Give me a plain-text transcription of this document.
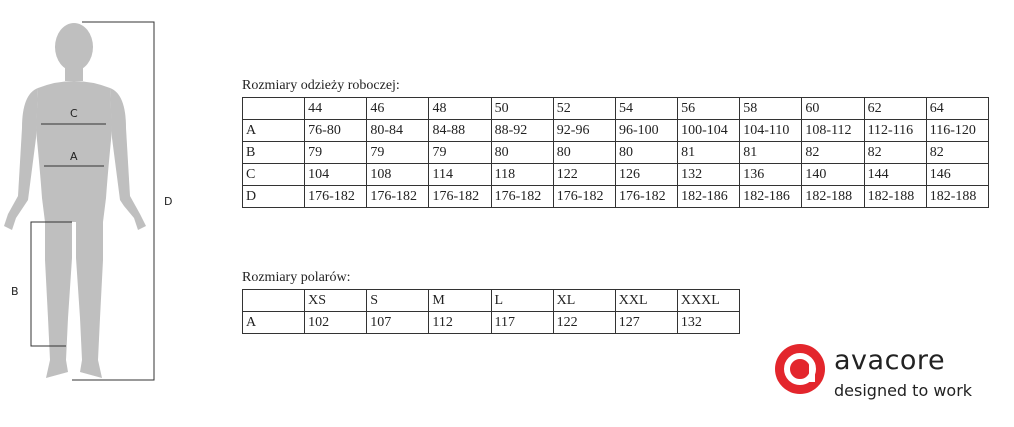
C
A
B
D

Rozmiary odzieży roboczej:

	44	46	48	50	52	54	56	58	60	62	64
A	76-80	80-84	84-88	88-92	92-96	96-100	100-104	104-110	108-112	112-116	116-120
B	79	79	79	80	80	80	81	81	82	82	82
C	104	108	114	118	122	126	132	136	140	144	146
D	176-182	176-182	176-182	176-182	176-182	176-182	182-186	182-186	182-188	182-188	182-188

Rozmiary polarów:

	XS	S	M	L	XL	XXL	XXXL
A	102	107	112	117	122	127	132
avacore
designed to work
